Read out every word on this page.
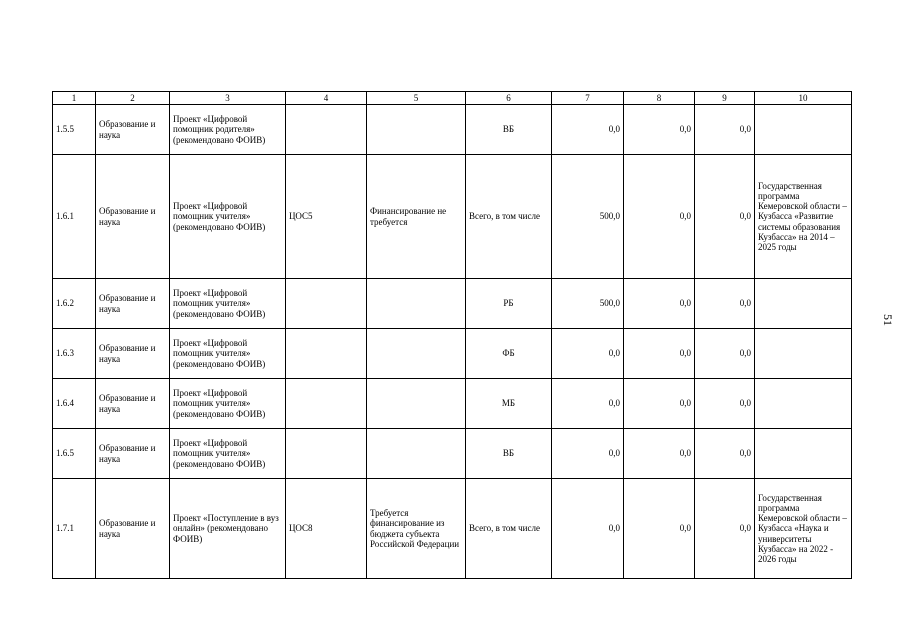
51
1	2	3	4	5	6	7	8	9	10
1.5.5	Образование и наука	Проект «Цифровой помощник родителя» (рекомендовано ФОИВ)			ВБ	0,0	0,0	0,0	
1.6.1	Образование и наука	Проект «Цифровой помощник учителя» (рекомендовано ФОИВ)	ЦОС5	Финансирование не требуется	Всего, в том числе	500,0	0,0	0,0	Государственная программа Кемеровской области – Кузбасса «Развитие системы образования Кузбасса» на 2014 – 2025 годы
1.6.2	Образование и наука	Проект «Цифровой помощник учителя» (рекомендовано ФОИВ)			РБ	500,0	0,0	0,0	
1.6.3	Образование и наука	Проект «Цифровой помощник учителя» (рекомендовано ФОИВ)			ФБ	0,0	0,0	0,0	
1.6.4	Образование и наука	Проект «Цифровой помощник учителя» (рекомендовано ФОИВ)			МБ	0,0	0,0	0,0	
1.6.5	Образование и наука	Проект «Цифровой помощник учителя» (рекомендовано ФОИВ)			ВБ	0,0	0,0	0,0	
1.7.1	Образование и наука	Проект «Поступление в вуз онлайн» (рекомендовано ФОИВ)	ЦОС8	Требуется финансирование из бюджета субъекта Российской Федерации	Всего, в том числе	0,0	0,0	0,0	Государственная программа Кемеровской области – Кузбасса «Наука и университеты Кузбасса» на 2022 - 2026 годы
